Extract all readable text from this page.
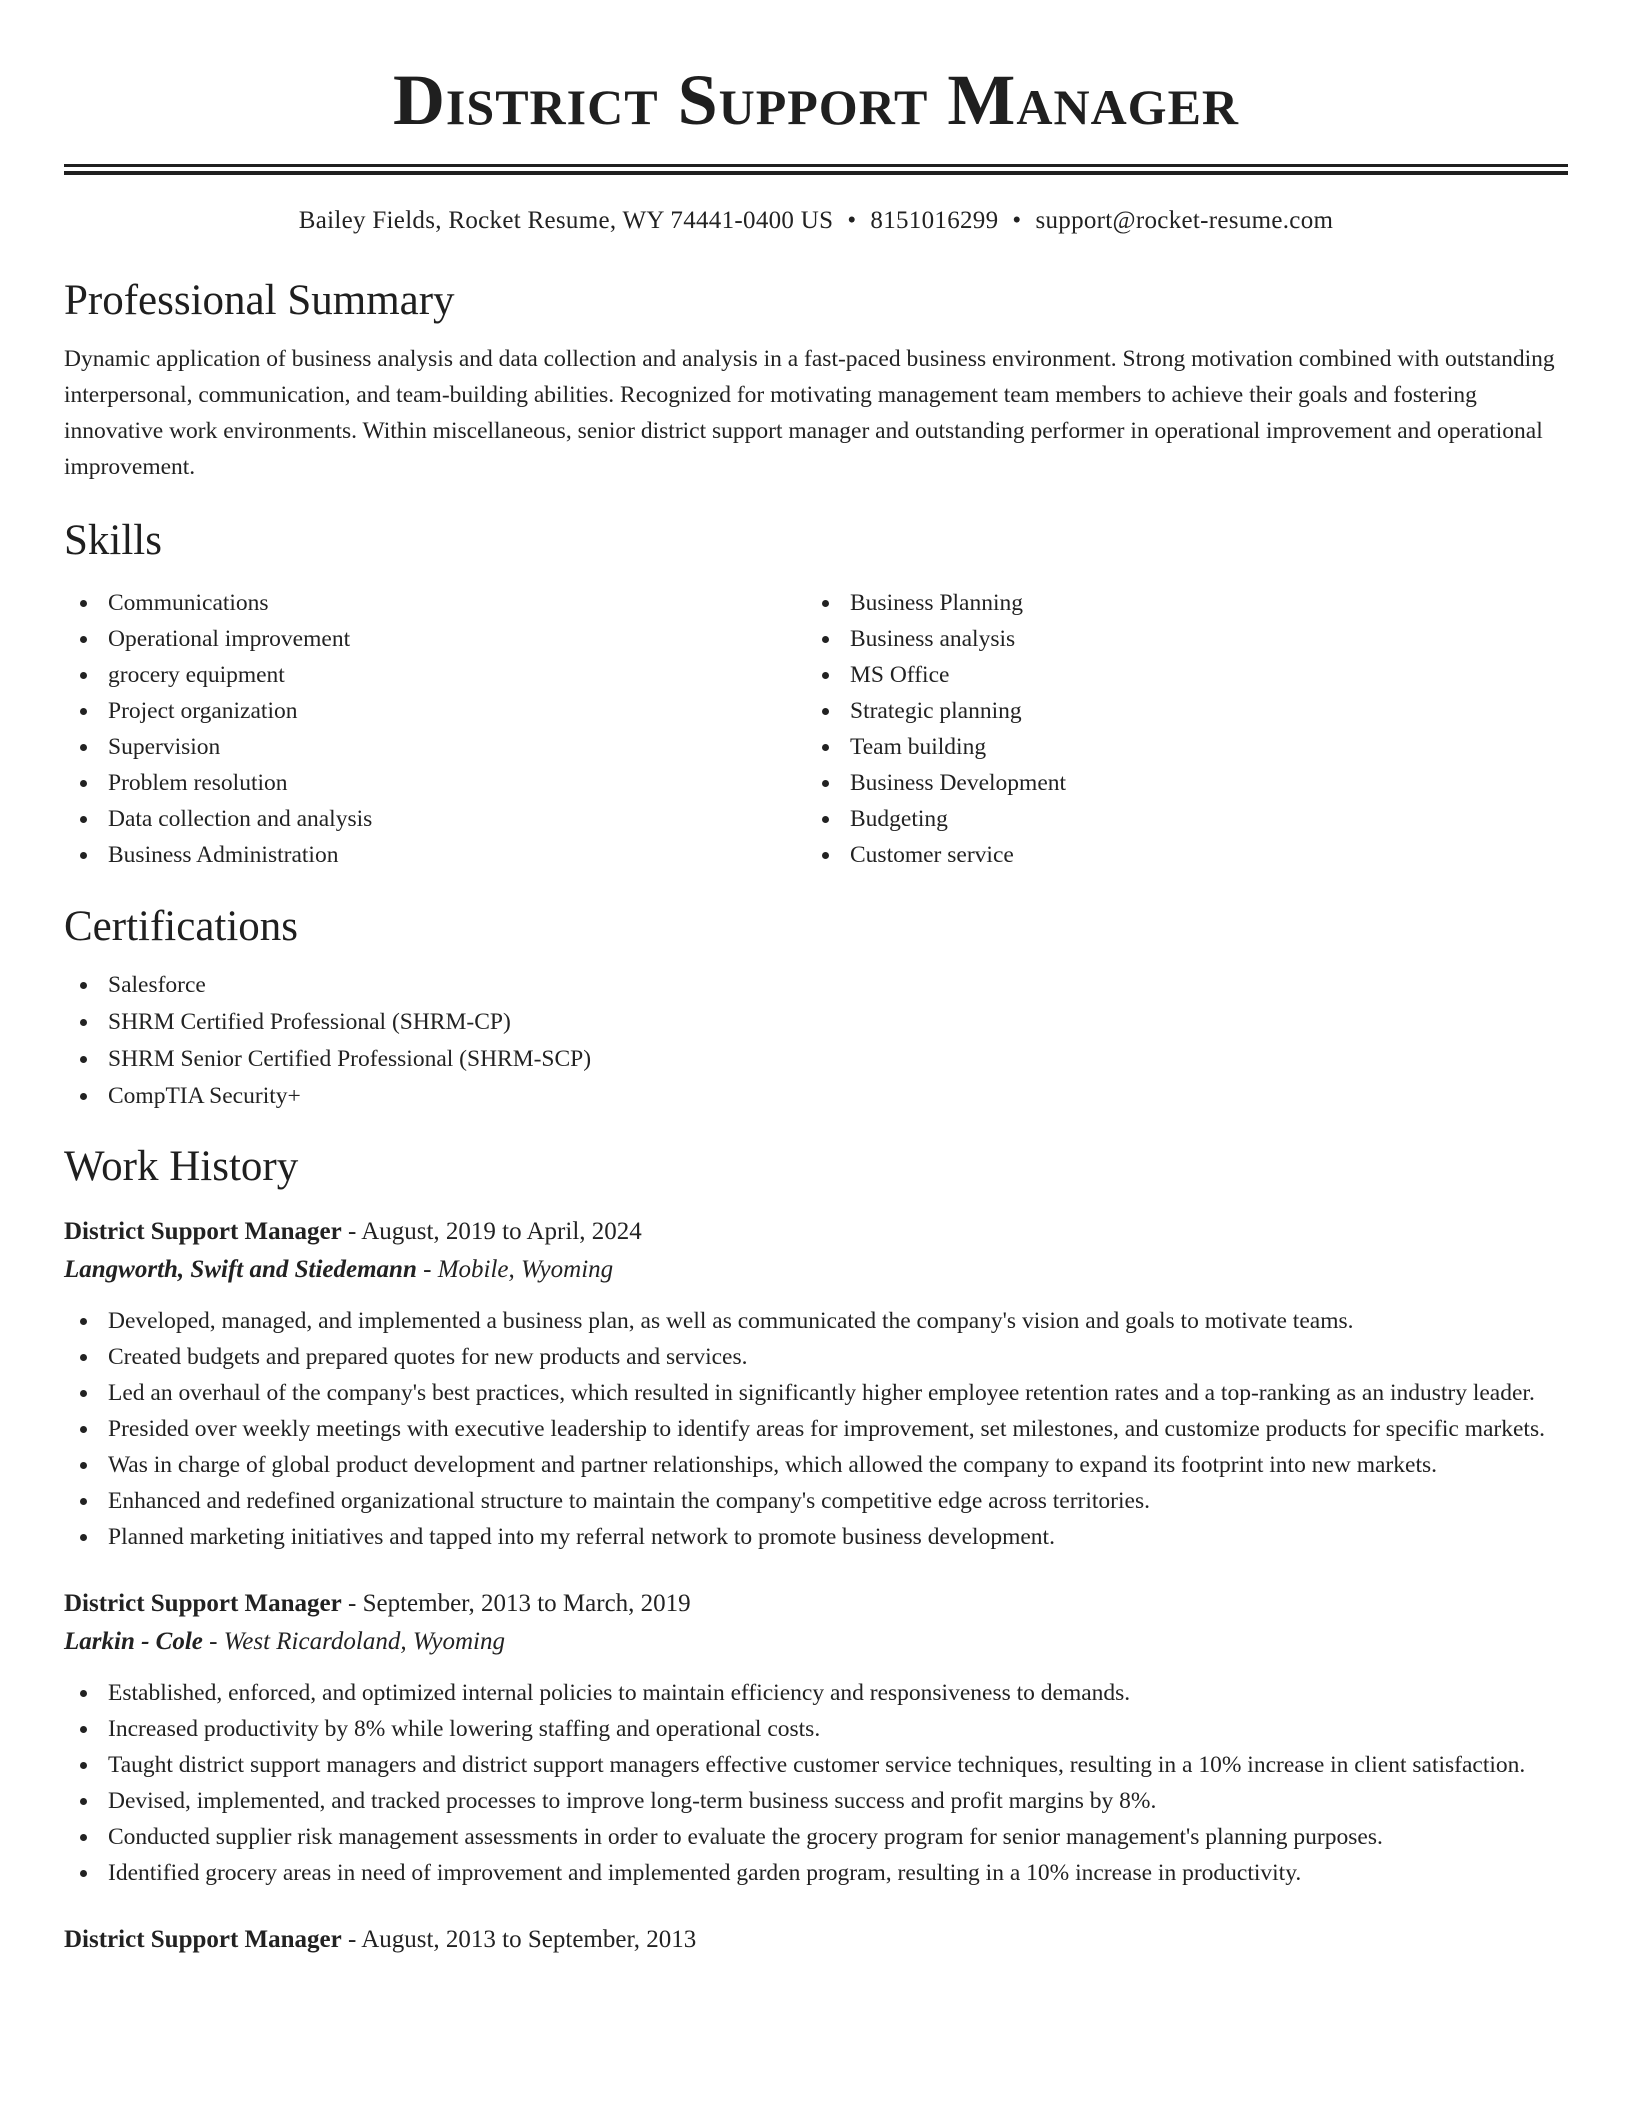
District Support Manager
Bailey Fields, Rocket Resume, WY 74441-0400 US • 8151016299 • support@rocket-resume.com
Professional Summary

Dynamic application of business analysis and data collection and analysis in a fast-paced business environment. Strong motivation combined with outstanding interpersonal, communication, and team-building abilities. Recognized for motivating management team members to achieve their goals and fostering innovative work environments. Within miscellaneous, senior district support manager and outstanding performer in operational improvement and operational improvement.

Skills
Communications
Operational improvement
grocery equipment
Project organization
Supervision
Problem resolution
Data collection and analysis
Business Administration
Business Planning
Business analysis
MS Office
Strategic planning
Team building
Business Development
Budgeting
Customer service
Certifications
Salesforce
SHRM Certified Professional (SHRM-CP)
SHRM Senior Certified Professional (SHRM-SCP)
CompTIA Security+
Work History
District Support Manager - August, 2019 to April, 2024
Langworth, Swift and Stiedemann - Mobile, Wyoming
Developed, managed, and implemented a business plan, as well as communicated the company's vision and goals to motivate teams.
Created budgets and prepared quotes for new products and services.
Led an overhaul of the company's best practices, which resulted in significantly higher employee retention rates and a top-ranking as an industry leader.
Presided over weekly meetings with executive leadership to identify areas for improvement, set milestones, and customize products for specific markets.
Was in charge of global product development and partner relationships, which allowed the company to expand its footprint into new markets.
Enhanced and redefined organizational structure to maintain the company's competitive edge across territories.
Planned marketing initiatives and tapped into my referral network to promote business development.
District Support Manager - September, 2013 to March, 2019
Larkin - Cole - West Ricardoland, Wyoming
Established, enforced, and optimized internal policies to maintain efficiency and responsiveness to demands.
Increased productivity by 8% while lowering staffing and operational costs.
Taught district support managers and district support managers effective customer service techniques, resulting in a 10% increase in client satisfaction.
Devised, implemented, and tracked processes to improve long-term business success and profit margins by 8%.
Conducted supplier risk management assessments in order to evaluate the grocery program for senior management's planning purposes.
Identified grocery areas in need of improvement and implemented garden program, resulting in a 10% increase in productivity.
District Support Manager - August, 2013 to September, 2013
